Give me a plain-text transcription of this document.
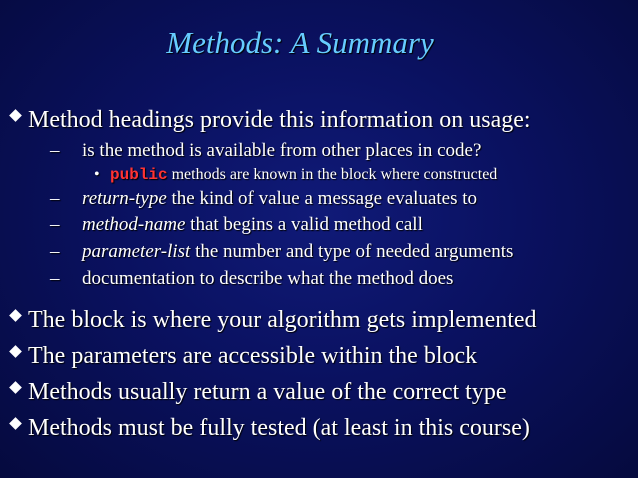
Methods: A Summary
Method headings provide this information on usage:
– is the method is available from other places in code?
• public methods are known in the block where constructed
– return-type the kind of value a message evaluates to
– method-name that begins a valid method call
– parameter-list the number and type of needed arguments
– documentation to describe what the method does
The block is where your algorithm gets implemented
The parameters are accessible within the block
Methods usually return a value of the correct type
Methods must be fully tested (at least in this course)
